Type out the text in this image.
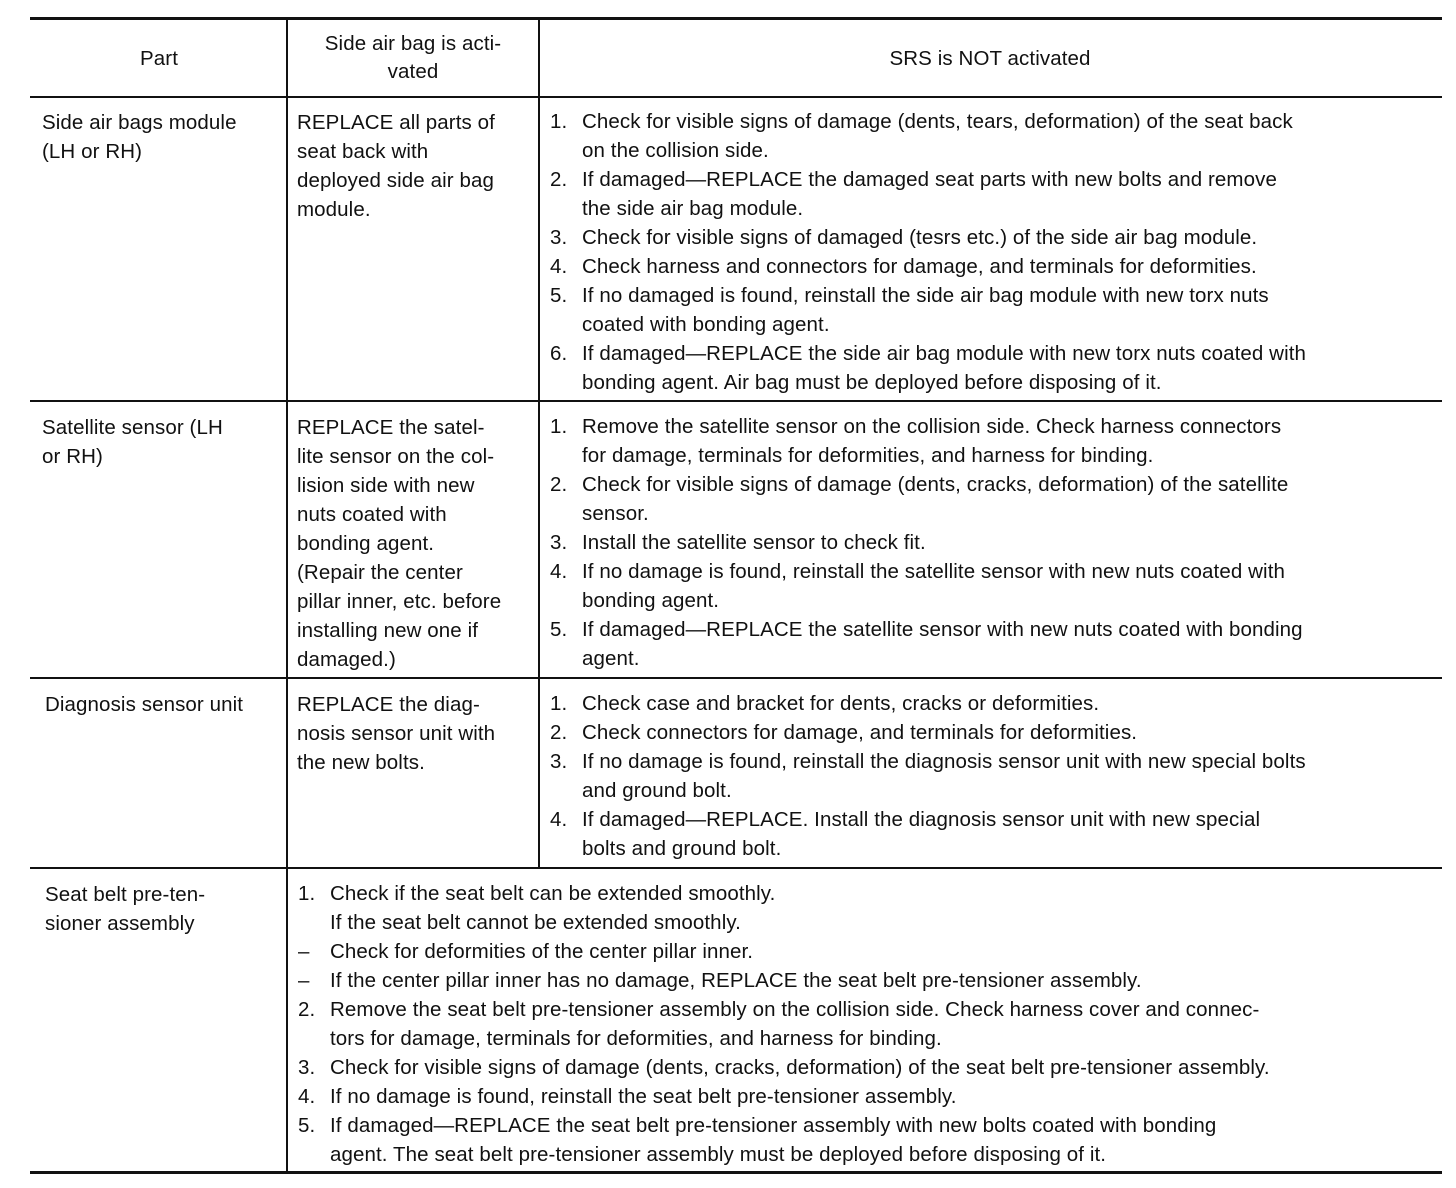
Part
Side air bag is acti-
vated
SRS is NOT activated

Side air bags module
(LH or RH)

REPLACE all parts of
seat back with
deployed side air bag
module.

1. Check for visible signs of damage (dents, tears, deformation) of the seat back
on the collision side.
2. If damaged—REPLACE the damaged seat parts with new bolts and remove
the side air bag module.
3. Check for visible signs of damaged (tesrs etc.) of the side air bag module.
4. Check harness and connectors for damage, and terminals for deformities.
5. If no damaged is found, reinstall the side air bag module with new torx nuts
coated with bonding agent.
6. If damaged—REPLACE the side air bag module with new torx nuts coated with
bonding agent. Air bag must be deployed before disposing of it.

Satellite sensor (LH
or RH)

REPLACE the satel-
lite sensor on the col-
lision side with new
nuts coated with
bonding agent.
(Repair the center
pillar inner, etc. before
installing new one if
damaged.)

1. Remove the satellite sensor on the collision side. Check harness connectors
for damage, terminals for deformities, and harness for binding.
2. Check for visible signs of damage (dents, cracks, deformation) of the satellite
sensor.
3. Install the satellite sensor to check fit.
4. If no damage is found, reinstall the satellite sensor with new nuts coated with
bonding agent.
5. If damaged—REPLACE the satellite sensor with new nuts coated with bonding
agent.

Diagnosis sensor unit	REPLACE the diag-
nosis sensor unit with
the new bolts.

1. Check case and bracket for dents, cracks or deformities.
2. Check connectors for damage, and terminals for deformities.
3. If no damage is found, reinstall the diagnosis sensor unit with new special bolts
and ground bolt.
4. If damaged—REPLACE. Install the diagnosis sensor unit with new special
bolts and ground bolt.

Seat belt pre-ten-
sioner assembly

1. Check if the seat belt can be extended smoothly.
If the seat belt cannot be extended smoothly.
– Check for deformities of the center pillar inner.
– If the center pillar inner has no damage, REPLACE the seat belt pre-tensioner assembly.
2. Remove the seat belt pre-tensioner assembly on the collision side. Check harness cover and connec-
tors for damage, terminals for deformities, and harness for binding.
3. Check for visible signs of damage (dents, cracks, deformation) of the seat belt pre-tensioner assembly.
4. If no damage is found, reinstall the seat belt pre-tensioner assembly.
5. If damaged—REPLACE the seat belt pre-tensioner assembly with new bolts coated with bonding
agent. The seat belt pre-tensioner assembly must be deployed before disposing of it.
